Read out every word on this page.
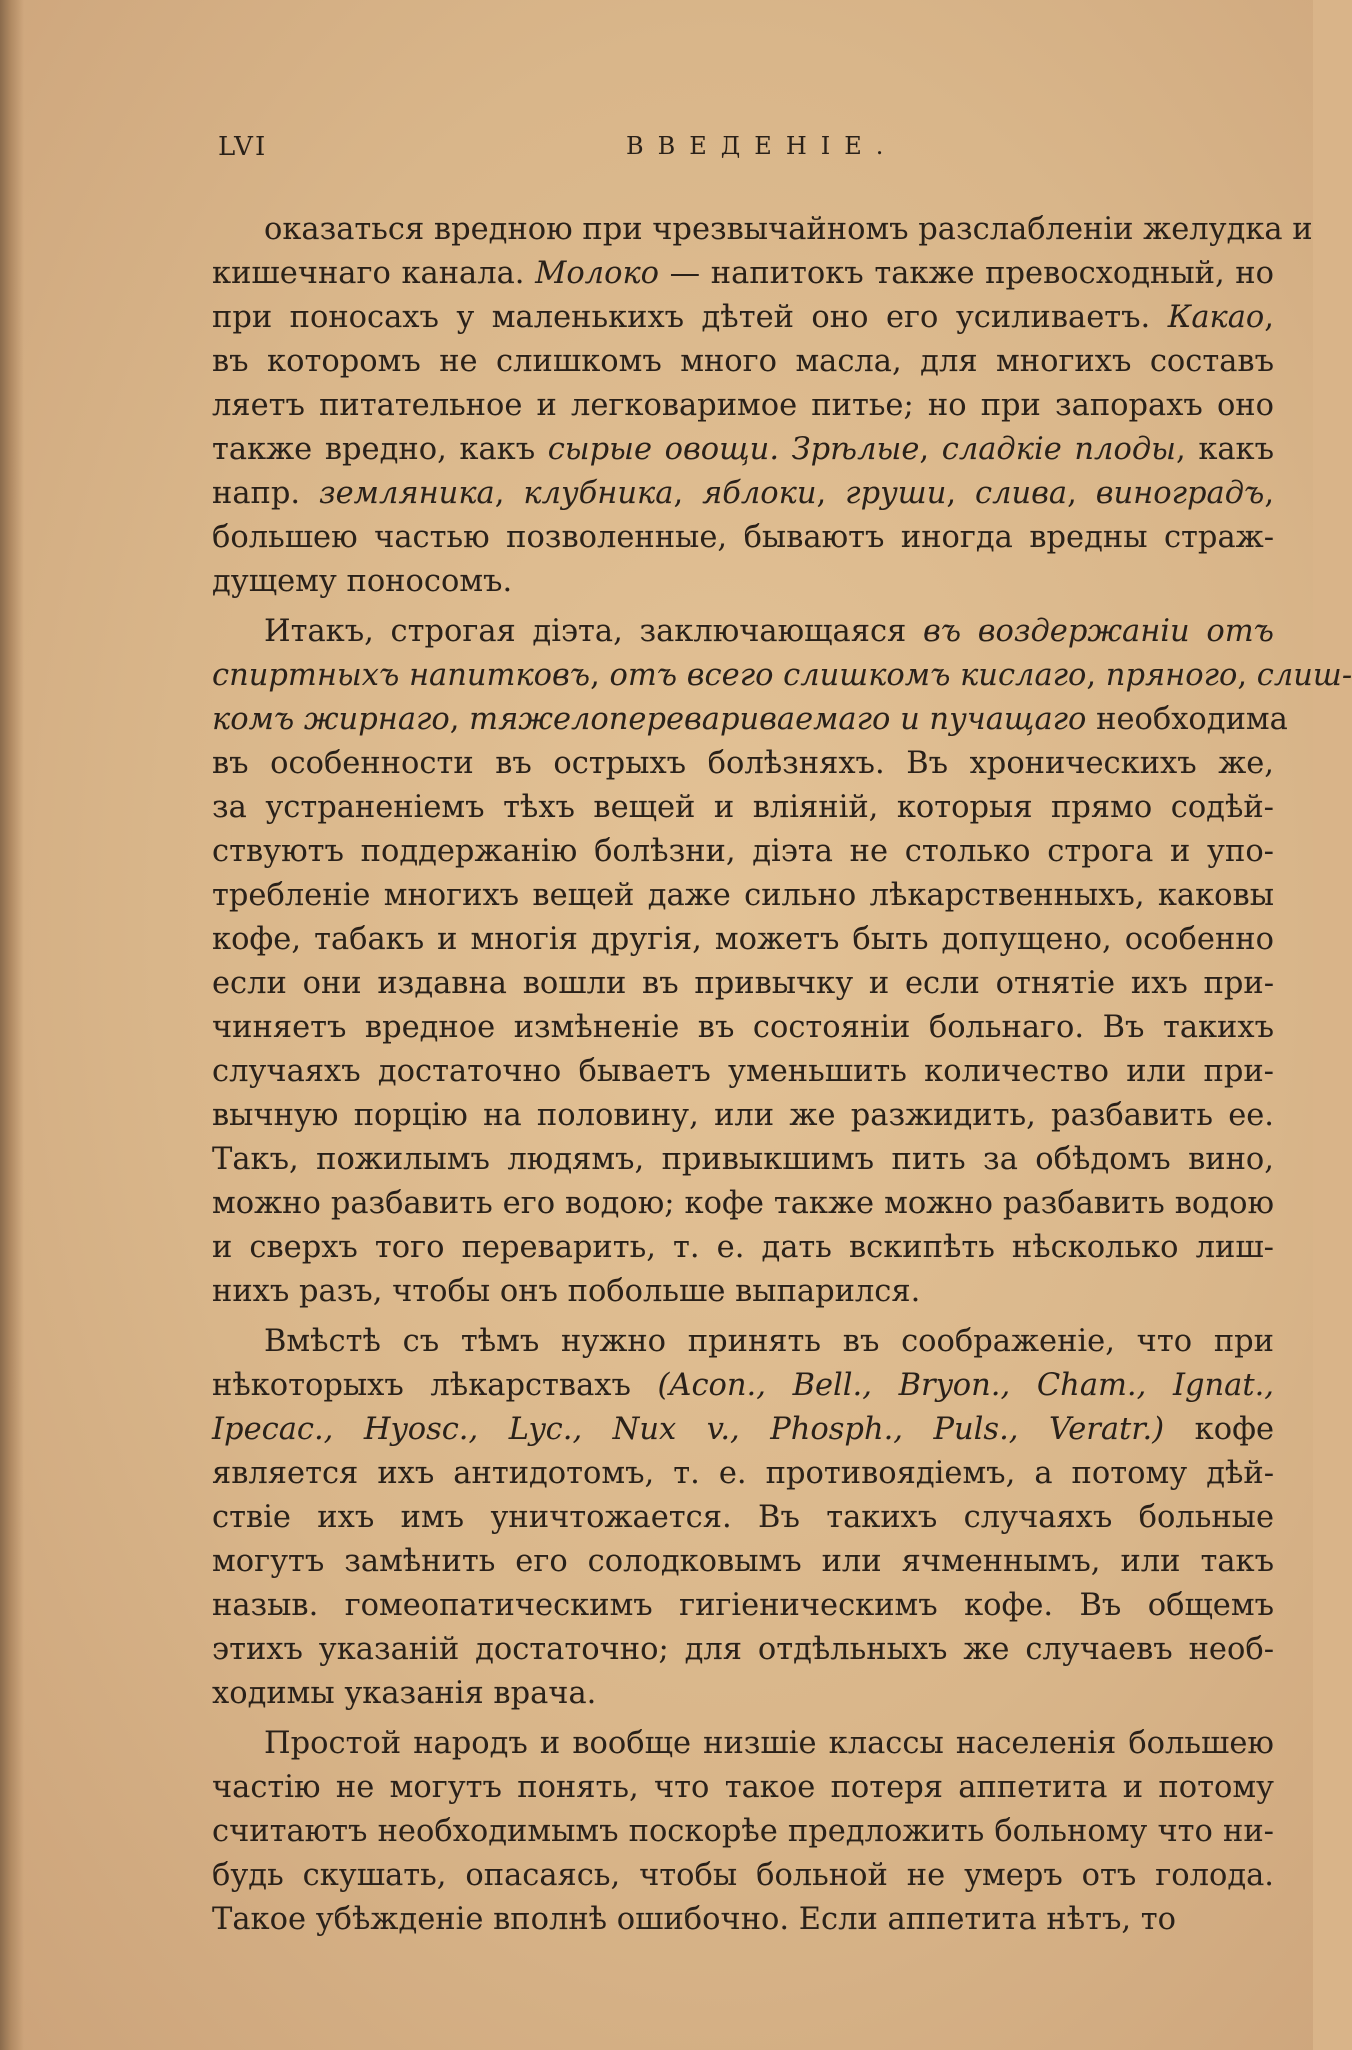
LVI	ВВЕДЕНІЕ.

оказаться вредною при чрезвычайномъ разслабленіи желудка и
кишечнаго канала. Молоко — напитокъ также превосходный, но
при поносахъ у маленькихъ дѣтей оно его усиливаетъ. Какао,
въ которомъ не слишкомъ много масла, для многихъ составъ
ляетъ питательное и легковаримое питье; но при запорахъ оно
также вредно, какъ сырые овощи. Зрѣлые, сладкіе плоды, какъ
напр. земляника, клубника, яблоки, груши, слива, виноградъ,
большею частью позволенные, бываютъ иногда вредны страж-
дущему поносомъ.

Итакъ, строгая діэта, заключающаяся въ воздержаніи отъ
спиртныхъ напитковъ, отъ всего слишкомъ кислаго, пряного, слиш-
комъ жирнаго, тяжелоперевариваемаго и пучащаго необходима
въ особенности въ острыхъ болѣзняхъ. Въ хроническихъ же,
за устраненіемъ тѣхъ вещей и вліяній, которыя прямо содѣй-
ствуютъ поддержанію болѣзни, діэта не столько строга и упо-
требленіе многихъ вещей даже сильно лѣкарственныхъ, каковы
кофе, табакъ и многія другія, можетъ быть допущено, особенно
если они издавна вошли въ привычку и если отнятіе ихъ при-
чиняетъ вредное измѣненіе въ состояніи больнаго. Въ такихъ
случаяхъ достаточно бываетъ уменьшить количество или при-
вычную порцію на половину, или же разжидить, разбавить ее.
Такъ, пожилымъ людямъ, привыкшимъ пить за обѣдомъ вино,
можно разбавить его водою; кофе также можно разбавить водою
и сверхъ того переварить, т. е. дать вскипѣть нѣсколько лиш-
нихъ разъ, чтобы онъ побольше выпарился.

Вмѣстѣ съ тѣмъ нужно принять въ соображеніе, что при
нѣкоторыхъ лѣкарствахъ (Acon., Bell., Bryon., Cham., Ignat.,
Ipecac., Hyosc., Lyc., Nux v., Phosph., Puls., Veratr.) кофе
является ихъ антидотомъ, т. е. противоядіемъ, а потому дѣй-
ствіе ихъ имъ уничтожается. Въ такихъ случаяхъ больные
могутъ замѣнить его солодковымъ или ячменнымъ, или такъ
назыв. гомеопатическимъ гигіеническимъ кофе. Въ общемъ
этихъ указаній достаточно; для отдѣльныхъ же случаевъ необ-
ходимы указанія врача.

Простой народъ и вообще низшіе классы населенія большею
частію не могутъ понять, что такое потеря аппетита и потому
считаютъ необходимымъ поскорѣе предложить больному что ни-
будь скушать, опасаясь, чтобы больной не умеръ отъ голода.
Такое убѣжденіе вполнѣ ошибочно. Если аппетита нѣтъ, то
